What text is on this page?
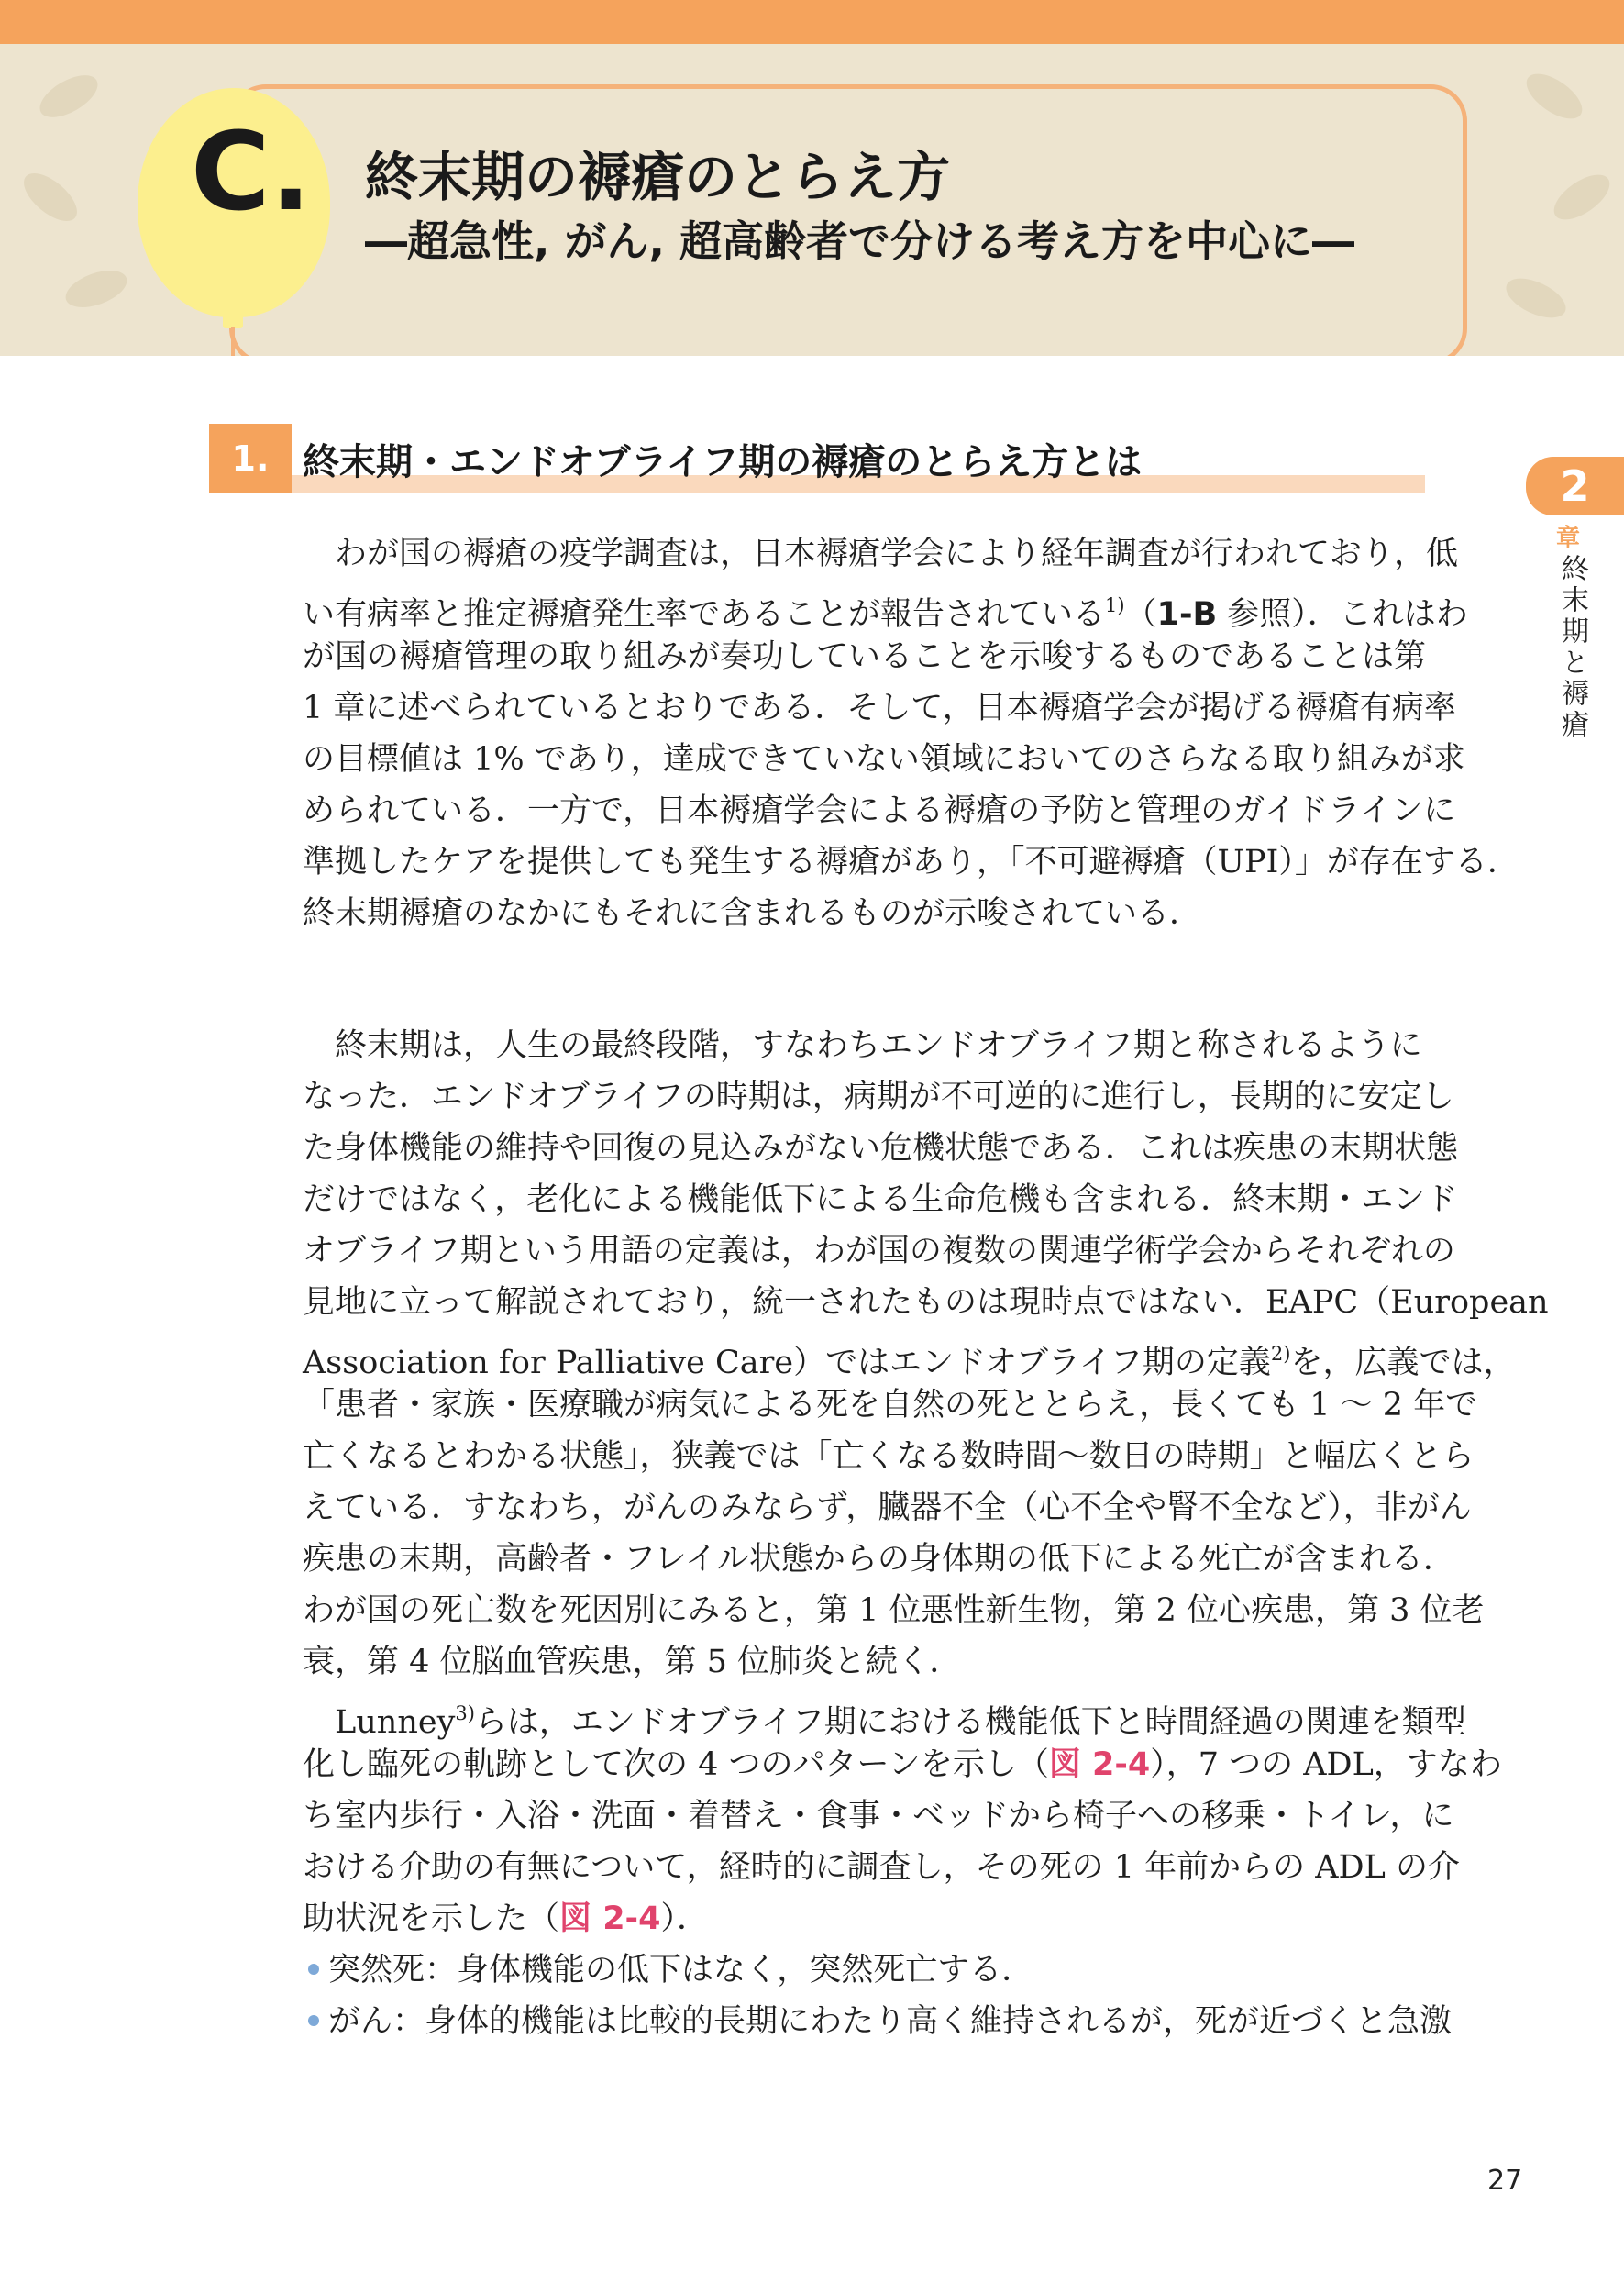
C. 終末期の褥瘡のとらえ方
―超急性, がん, 超高齢者で分ける考え方を中心に―
2
章
終末期と褥瘡
1. 終末期・エンドオブライフ期の褥瘡のとらえ方とは
　わが国の褥瘡の疫学調査は，日本褥瘡学会により経年調査が行われており，低
い有病率と推定褥瘡発生率であることが報告されている$^{1)}$（1-B 参照）．これはわ
が国の褥瘡管理の取り組みが奏功していることを示唆するものであることは第
1 章に述べられているとおりである．そして，日本褥瘡学会が掲げる褥瘡有病率
の目標値は 1% であり，達成できていない領域においてのさらなる取り組みが求
められている．一方で，日本褥瘡学会による褥瘡の予防と管理のガイドラインに
準拠したケアを提供しても発生する褥瘡があり，「不可避褥瘡（UPI）」が存在する．
終末期褥瘡のなかにもそれに含まれるものが示唆されている．
　終末期は，人生の最終段階，すなわちエンドオブライフ期と称されるように
なった．エンドオブライフの時期は，病期が不可逆的に進行し，長期的に安定し
た身体機能の維持や回復の見込みがない危機状態である．これは疾患の末期状態
だけではなく，老化による機能低下による生命危機も含まれる．終末期・エンド
オブライフ期という用語の定義は，わが国の複数の関連学術学会からそれぞれの
見地に立って解説されており，統一されたものは現時点ではない．EAPC（European
Association for Palliative Care）ではエンドオブライフ期の定義$^{2)}$を，広義では，
「患者・家族・医療職が病気による死を自然の死ととらえ，長くても 1 ～ 2 年で
亡くなるとわかる状態」，狭義では「亡くなる数時間～数日の時期」と幅広くとら
えている．すなわち，がんのみならず，臓器不全（心不全や腎不全など），非がん
疾患の末期，高齢者・フレイル状態からの身体期の低下による死亡が含まれる．
わが国の死亡数を死因別にみると，第 1 位悪性新生物，第 2 位心疾患，第 3 位老
衰，第 4 位脳血管疾患，第 5 位肺炎と続く．
　Lunney$^{3)}$らは，エンドオブライフ期における機能低下と時間経過の関連を類型
化し臨死の軌跡として次の 4 つのパターンを示し（図 2-4），7 つの ADL，すなわ
ち室内歩行・入浴・洗面・着替え・食事・ベッドから椅子への移乗・トイレ，に
おける介助の有無について，経時的に調査し，その死の 1 年前からの ADL の介
助状況を示した（図 2-4）．
突然死：身体機能の低下はなく，突然死亡する．
がん：身体的機能は比較的長期にわたり高く維持されるが，死が近づくと急激
27
